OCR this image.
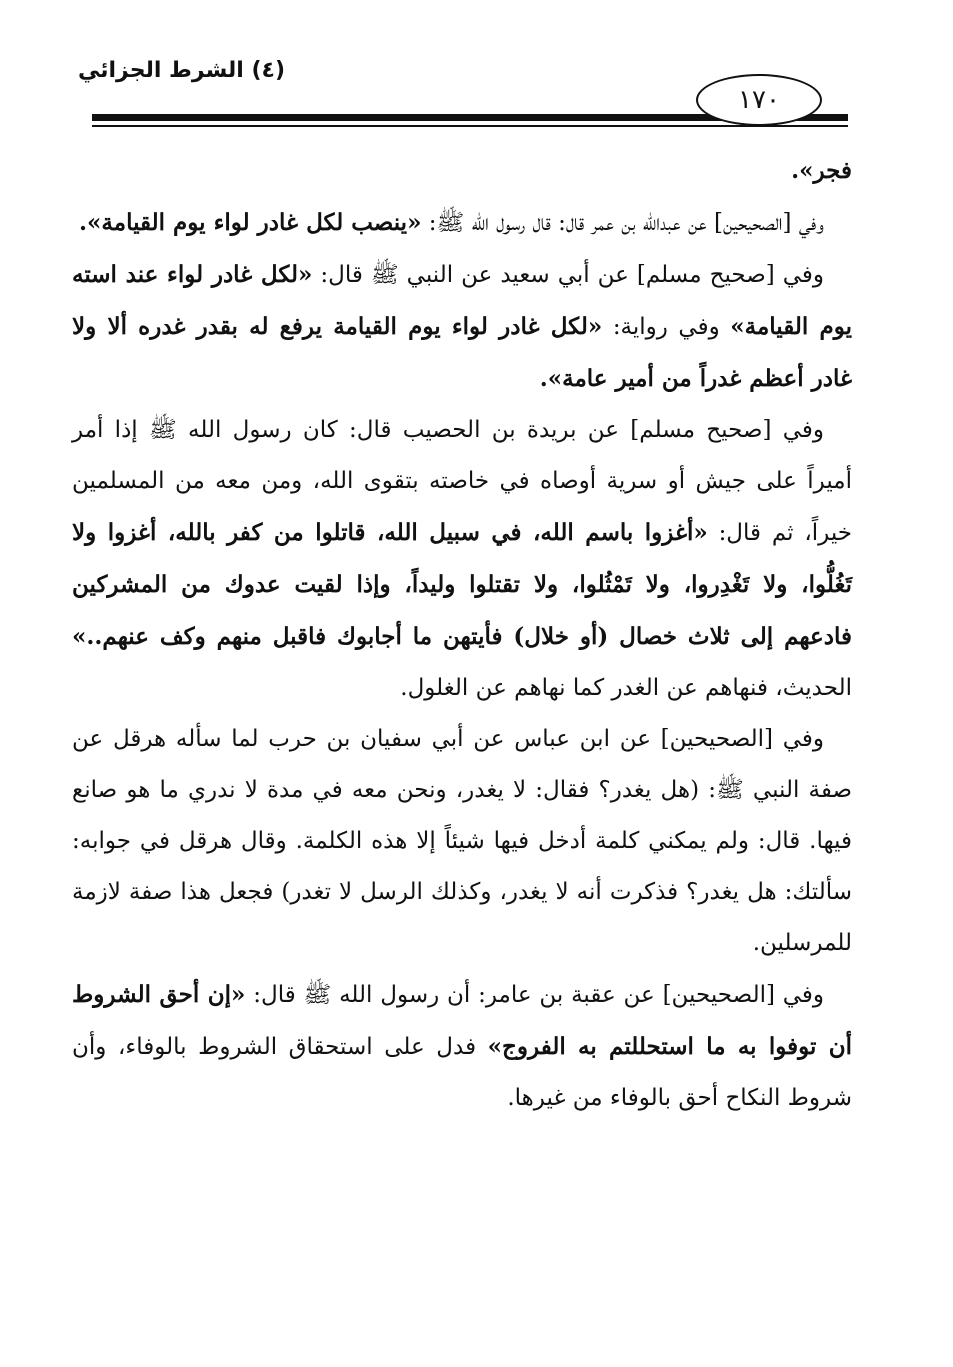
(٤) الشرط الجزائي
١٧٠

فجر».

وفي [الصحيحين] عن عبدالله بن عمر قال: قال رسول الله ﷺ: «ينصب لكل غادر لواء يوم القيامة».

وفي [صحيح مسلم] عن أبي سعيد عن النبي ﷺ قال: «لكل غادر لواء عند استه يوم القيامة» وفي رواية: «لكل غادر لواء يوم القيامة يرفع له بقدر غدره ألا ولا غادر أعظم غدراً من أمير عامة».

وفي [صحيح مسلم] عن بريدة بن الحصيب قال: كان رسول الله ﷺ إذا أمر أميراً على جيش أو سرية أوصاه في خاصته بتقوى الله، ومن معه من المسلمين خيراً، ثم قال: «أغزوا باسم الله، في سبيل الله، قاتلوا من كفر بالله، أغزوا ولا تَغُلُّوا، ولا تَغْدِروا، ولا تَمْثُلوا، ولا تقتلوا وليداً، وإذا لقيت عدوك من المشركين فادعهم إلى ثلاث خصال (أو خلال) فأيتهن ما أجابوك فاقبل منهم وكف عنهم..» الحديث، فنهاهم عن الغدر كما نهاهم عن الغلول.

وفي [الصحيحين] عن ابن عباس عن أبي سفيان بن حرب لما سأله هرقل عن صفة النبي ﷺ: (هل يغدر؟ فقال: لا يغدر، ونحن معه في مدة لا ندري ما هو صانع فيها. قال: ولم يمكني كلمة أدخل فيها شيئاً إلا هذه الكلمة. وقال هرقل في جوابه: سألتك: هل يغدر؟ فذكرت أنه لا يغدر، وكذلك الرسل لا تغدر) فجعل هذا صفة لازمة للمرسلين.

وفي [الصحيحين] عن عقبة بن عامر: أن رسول الله ﷺ قال: «إن أحق الشروط أن توفوا به ما استحللتم به الفروج» فدل على استحقاق الشروط بالوفاء، وأن شروط النكاح أحق بالوفاء من غيرها.
